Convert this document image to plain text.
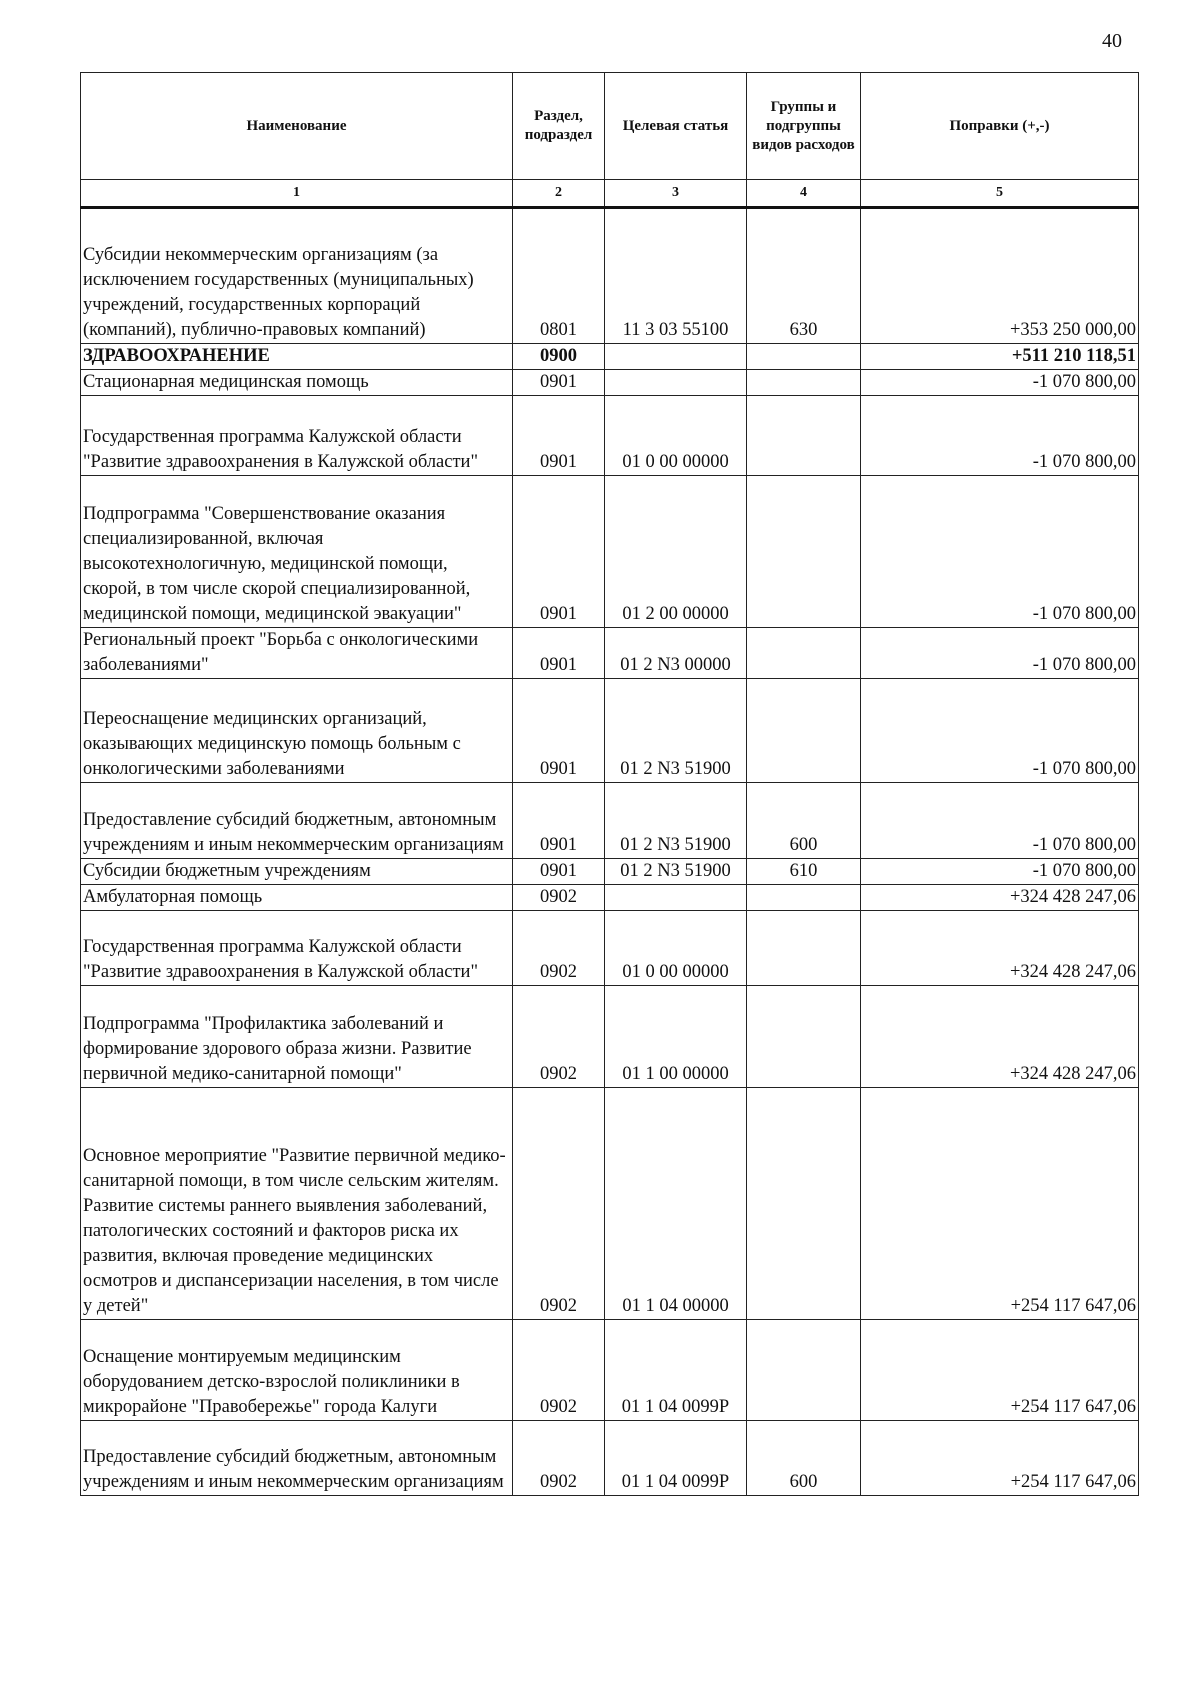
40
Наименование	Раздел, подраздел	Целевая статья	Группы и подгруппы видов расходов	Поправки (+,-)
1	2	3	4	5
Субсидии некоммерческим организациям (за исключением государственных (муниципальных) учреждений, государственных корпораций (компаний), публично-правовых компаний)	0801	11 3 03 55100	630	+353 250 000,00
ЗДРАВООХРАНЕНИЕ	0900			+511 210 118,51
Стационарная медицинская помощь	0901			-1 070 800,00
Государственная программа Калужской области "Развитие здравоохранения в Калужской области"	0901	01 0 00 00000		-1 070 800,00
Подпрограмма "Совершенствование оказания специализированной, включая высокотехнологичную, медицинской помощи, скорой, в том числе скорой специализированной, медицинской помощи, медицинской эвакуации"	0901	01 2 00 00000		-1 070 800,00
Региональный проект "Борьба с онкологическими заболеваниями"	0901	01 2 N3 00000		-1 070 800,00
Переоснащение медицинских организаций, оказывающих медицинскую помощь больным с онкологическими заболеваниями	0901	01 2 N3 51900		-1 070 800,00
Предоставление субсидий бюджетным, автономным учреждениям и иным некоммерческим организациям	0901	01 2 N3 51900	600	-1 070 800,00
Субсидии бюджетным учреждениям	0901	01 2 N3 51900	610	-1 070 800,00
Амбулаторная помощь	0902			+324 428 247,06
Государственная программа Калужской области "Развитие здравоохранения в Калужской области"	0902	01 0 00 00000		+324 428 247,06
Подпрограмма "Профилактика заболеваний и формирование здорового образа жизни. Развитие первичной медико-санитарной помощи"	0902	01 1 00 00000		+324 428 247,06
Основное мероприятие "Развитие первичной медико-санитарной помощи, в том числе сельским жителям. Развитие системы раннего выявления заболеваний, патологических состояний и факторов риска их развития, включая проведение медицинских осмотров и диспансеризации населения, в том числе у детей"	0902	01 1 04 00000		+254 117 647,06
Оснащение монтируемым медицинским оборудованием детско-взрослой поликлиники в микрорайоне "Правобережье" города Калуги	0902	01 1 04 0099P		+254 117 647,06
Предоставление субсидий бюджетным, автономным учреждениям и иным некоммерческим организациям	0902	01 1 04 0099P	600	+254 117 647,06
